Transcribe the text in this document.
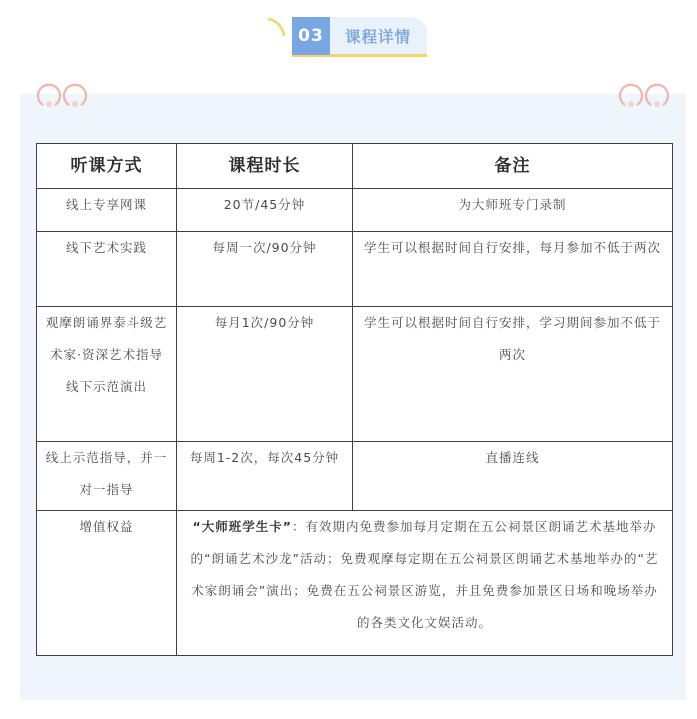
03	课程详情
听课方式	课程时长	备注
线上专享网课	20节/45分钟	为大师班专门录制
线下艺术实践	每周一次/90分钟	学生可以根据时间自行安排，每月参加不低于两次
观摩朗诵界泰斗级艺术家·资深艺术指导 线下示范演出	每月1次/90分钟	学生可以根据时间自行安排，学习期间参加不低于两次
线上示范指导，并一对一指导	每周1-2次，每次45分钟	直播连线
增值权益	“大师班学生卡”：有效期内免费参加每月定期在五公祠景区朗诵艺术基地举办的“朗诵艺术沙龙”活动；免费观摩每定期在五公祠景区朗诵艺术基地举办的“艺术家朗诵会”演出；免费在五公祠景区游览，并且免费参加景区日场和晚场举办的各类文化文娱活动。	
